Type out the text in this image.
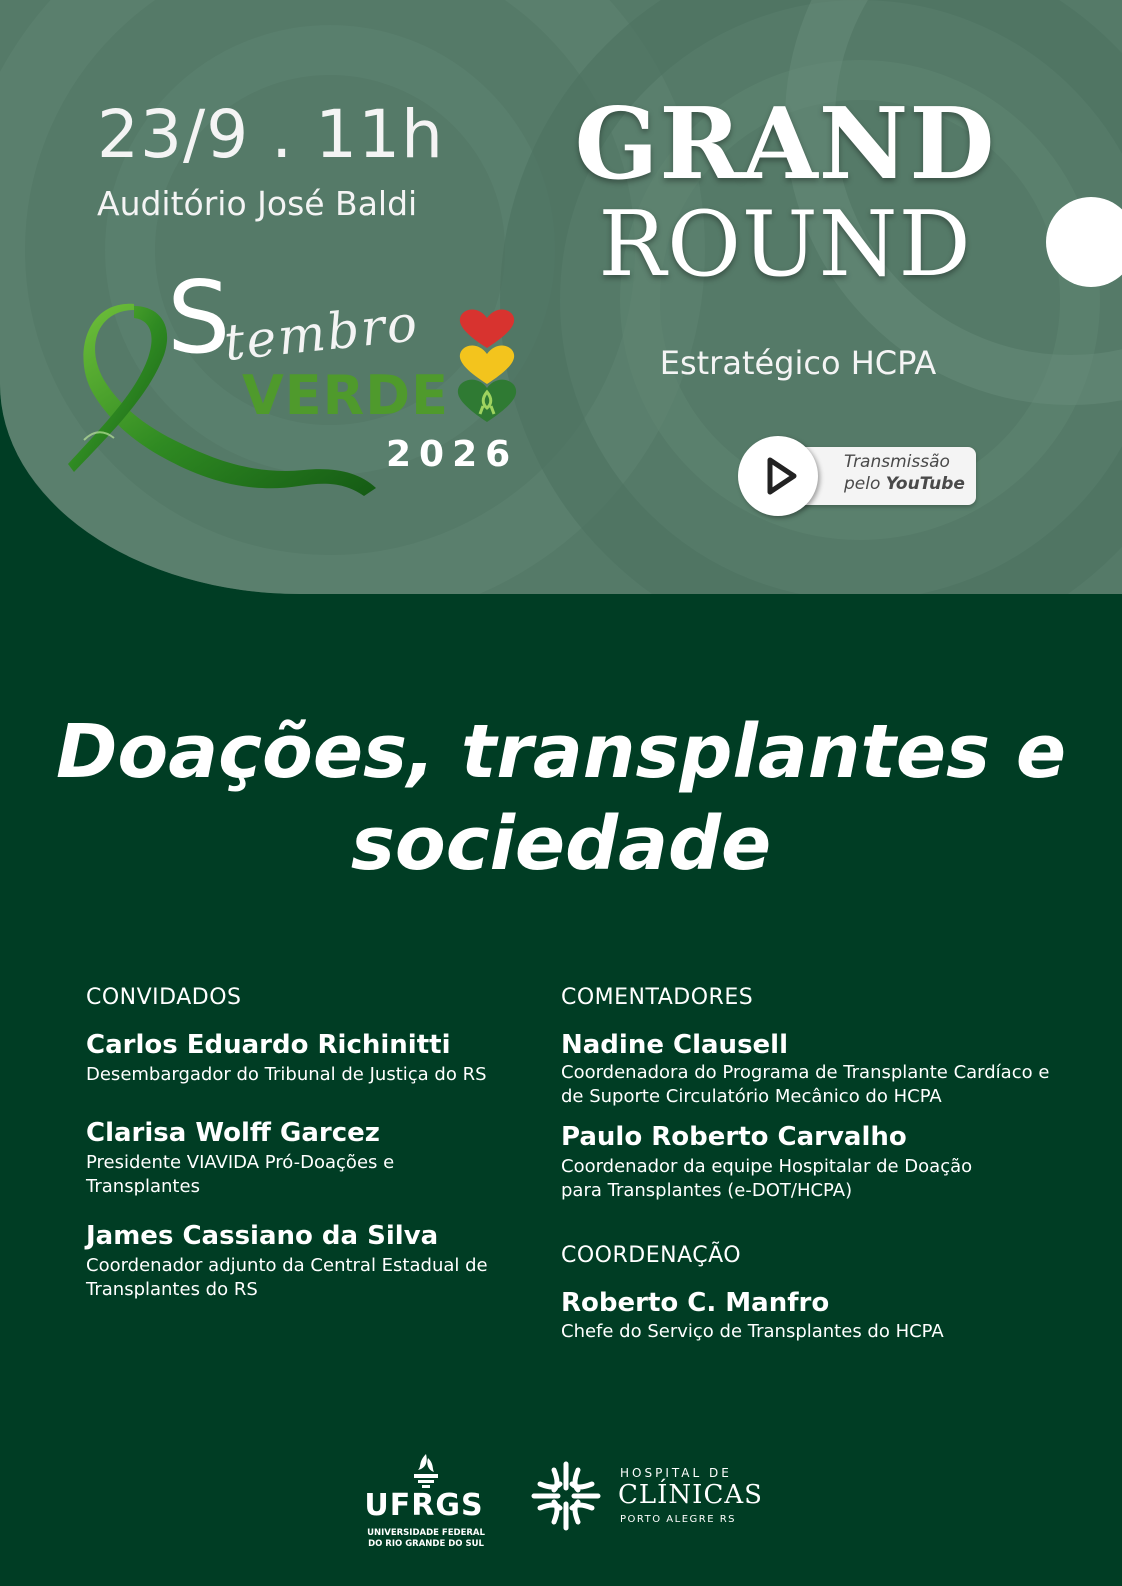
23/9 . 11h
Auditório José Baldi
GRAND
ROUND
Estratégico HCPA
S
tembro
VERDE
2026	Transmissão
pelo YouTube
Doações, transplantes e sociedade
CONVIDADOS
Carlos Eduardo Richinitti
Desembargador do Tribunal de Justiça do RS
Clarisa Wolff Garcez
Presidente VIAVIDA Pró-Doações e Transplantes
James Cassiano da Silva
Coordenador adjunto da Central Estadual de Transplantes do RS
COMENTADORES
Nadine Clausell
Coordenadora do Programa de Transplante Cardíaco e de Suporte Circulatório Mecânico do HCPA
Paulo Roberto Carvalho
Coordenador da equipe Hospitalar de Doação para Transplantes (e-DOT/HCPA)
COORDENAÇÃO
Roberto C. Manfro
Chefe do Serviço de Transplantes do HCPA
UFRGS
UNIVERSIDADE FEDERAL
DO RIO GRANDE DO SUL
HOSPITAL DE
CLÍNICAS
PORTO ALEGRE RS
